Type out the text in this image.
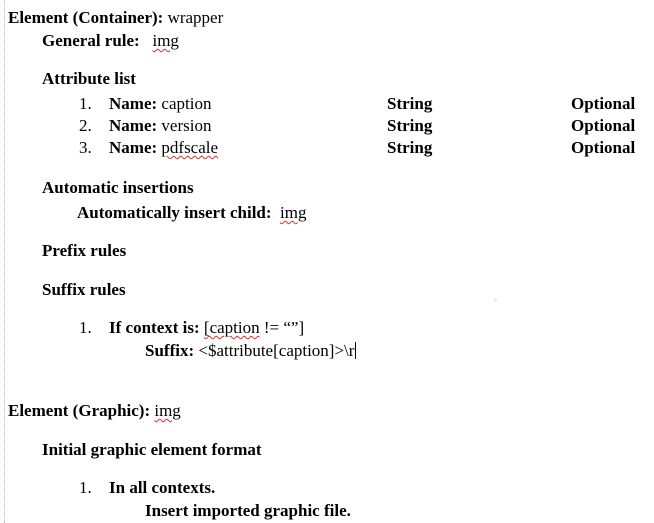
Element (Container): wrapper
General rule: img
Attribute list
1. Name: caption	String	Optional
2. Name: version	String	Optional
3. Name: pdfscale	String	Optional
Automatic insertions
Automatically insert child: img
Prefix rules
Suffix rules
1. If context is: [caption != “”]
Suffix: <$attribute[caption]>\r
Element (Graphic): img
Initial graphic element format
1. In all contexts.
Insert imported graphic file.
